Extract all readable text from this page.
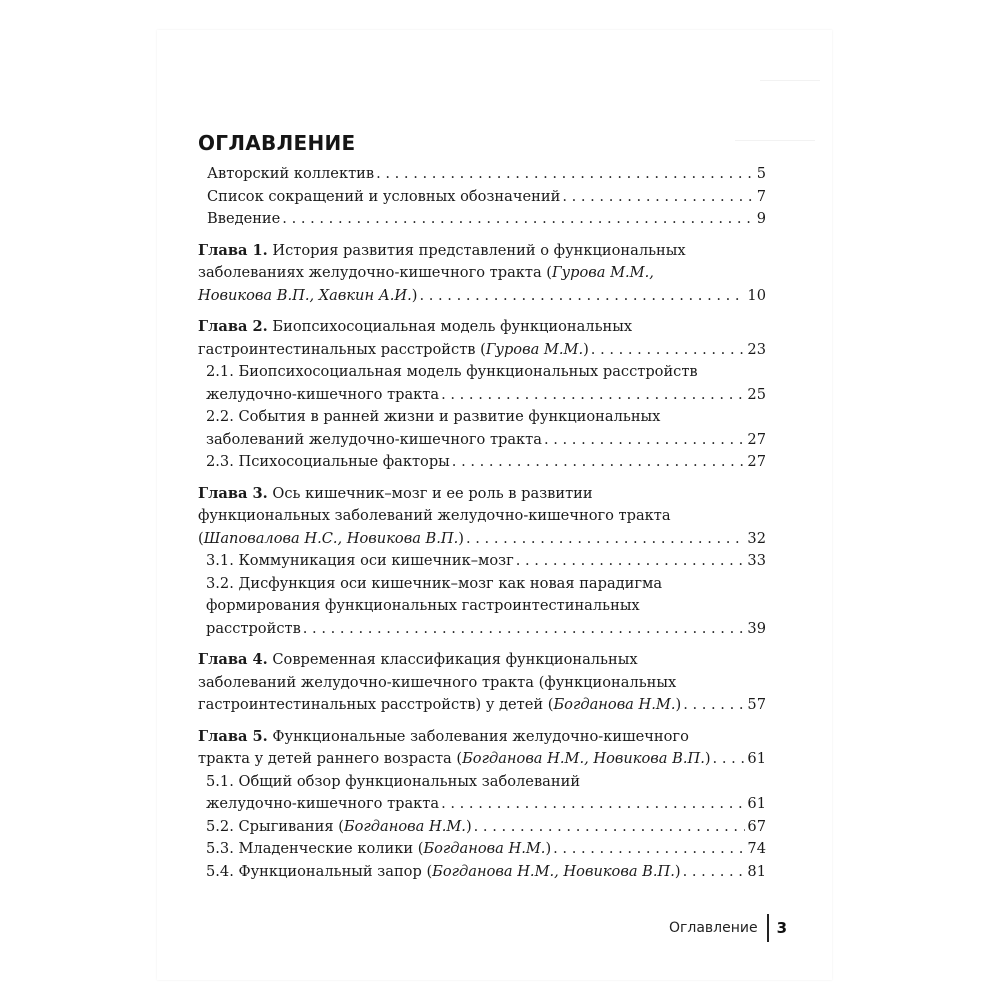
ОГЛАВЛЕНИЕ
Авторский коллектив . . .	5
Список сокращений и условных обозначений . . .	7
Введение . . .	9
Глава 1. История развития представлений о функциональных
заболеваниях желудочно-кишечного тракта (Гурова М.М.,
Новикова В.П., Хавкин А.И.) . . .	10
Глава 2. Биопсихосоциальная модель функциональных
гастроинтестинальных расстройств (Гурова М.М.) . . .	23
2.1. Биопсихосоциальная модель функциональных расстройств
желудочно-кишечного тракта . . .	25
2.2. События в ранней жизни и развитие функциональных
заболеваний желудочно-кишечного тракта . . .	27
2.3. Психосоциальные факторы . . .	27
Глава 3. Ось кишечник–мозг и ее роль в развитии
функциональных заболеваний желудочно-кишечного тракта
(Шаповалова Н.С., Новикова В.П.) . . .	32
3.1. Коммуникация оси кишечник–мозг . . .	33
3.2. Дисфункция оси кишечник–мозг как новая парадигма
формирования функциональных гастроинтестинальных
расстройств . . .	39
Глава 4. Современная классификация функциональных
заболеваний желудочно-кишечного тракта (функциональных
гастроинтестинальных расстройств) у детей (Богданова Н.М.) . . .	57
Глава 5. Функциональные заболевания желудочно-кишечного
тракта у детей раннего возраста (Богданова Н.М., Новикова В.П.) . . .	61
5.1. Общий обзор функциональных заболеваний
желудочно-кишечного тракта . . .	61
5.2. Срыгивания (Богданова Н.М.) . . .	67
5.3. Младенческие колики (Богданова Н.М.) . . .	74
5.4. Функциональный запор (Богданова Н.М., Новикова В.П.) . . .	81
Оглавление 3
